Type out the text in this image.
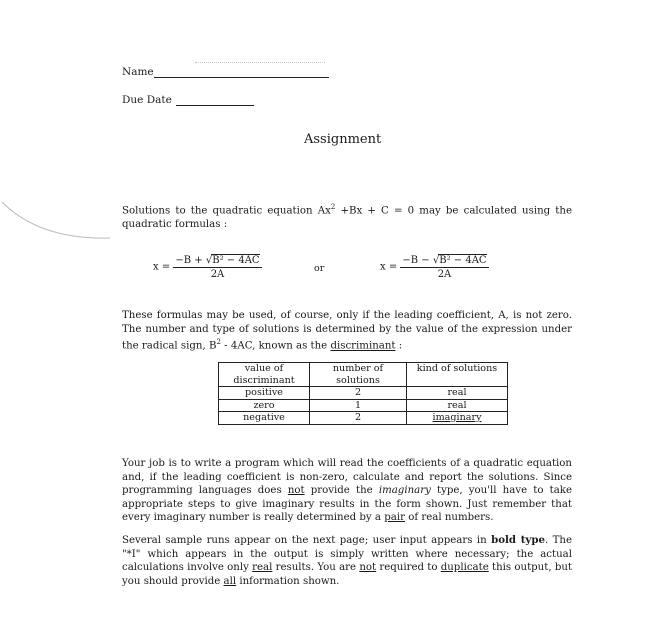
Name
Due Date
Assignment
Solutions to the quadratic equation $Ax^2 +Bx + C = 0$ may be calculated using the quadratic formulas :
$x = \frac{\text{−B + √B² − 4AC}}{2A}$	or	$x = \frac{\text{−B − √B² − 4AC}}{2A}$
These formulas may be used, of course, only if the leading coefficient, A, is not zero. The number and type of solutions is determined by the value of the expression under the radical sign, $B^2 - 4AC$, known as the discriminant :
value of discriminant	number of solutions	kind of solutions
positive	2	real
zero	1	real
negative	2	imaginary
Your job is to write a program which will read the coefficients of a quadratic equation and, if the leading coefficient is non-zero, calculate and report the solutions. Since programming languages does not provide the imaginary type, you'll have to take appropriate steps to give imaginary results in the form shown. Just remember that every imaginary number is really determined by a pair of real numbers.
Several sample runs appear on the next page; user input appears in bold type. The "*I" which appears in the output is simply written where necessary; the actual calculations involve only real results. You are not required to duplicate this output, but you should provide all information shown.
